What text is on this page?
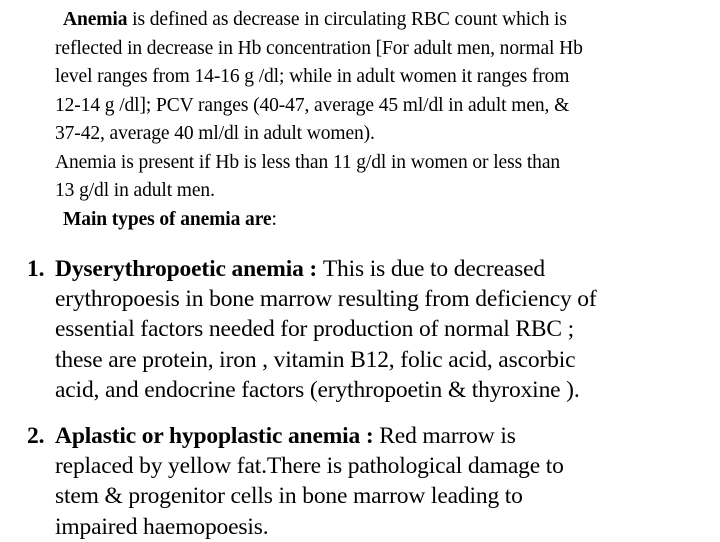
Anemia is defined as decrease in circulating RBC count which is
reflected in decrease in Hb concentration [For adult men, normal Hb
level ranges from 14-16 g /dl; while in adult women it ranges from
12-14 g /dl]; PCV ranges (40-47, average 45 ml/dl in adult men, &
37-42, average 40 ml/dl in adult women).
Anemia is present if Hb is less than 11 g/dl in women or less than
13 g/dl in adult men.
Main types of anemia are:
1. Dyserythropoetic anemia : This is due to decreased
erythropoesis in bone marrow resulting from deficiency of
essential factors needed for production of normal RBC ;
these are protein, iron , vitamin B12, folic acid, ascorbic
acid, and endocrine factors (erythropoetin & thyroxine ).
2. Aplastic or hypoplastic anemia : Red marrow is
replaced by yellow fat.There is pathological damage to
stem & progenitor cells in bone marrow leading to
impaired haemopoesis.
